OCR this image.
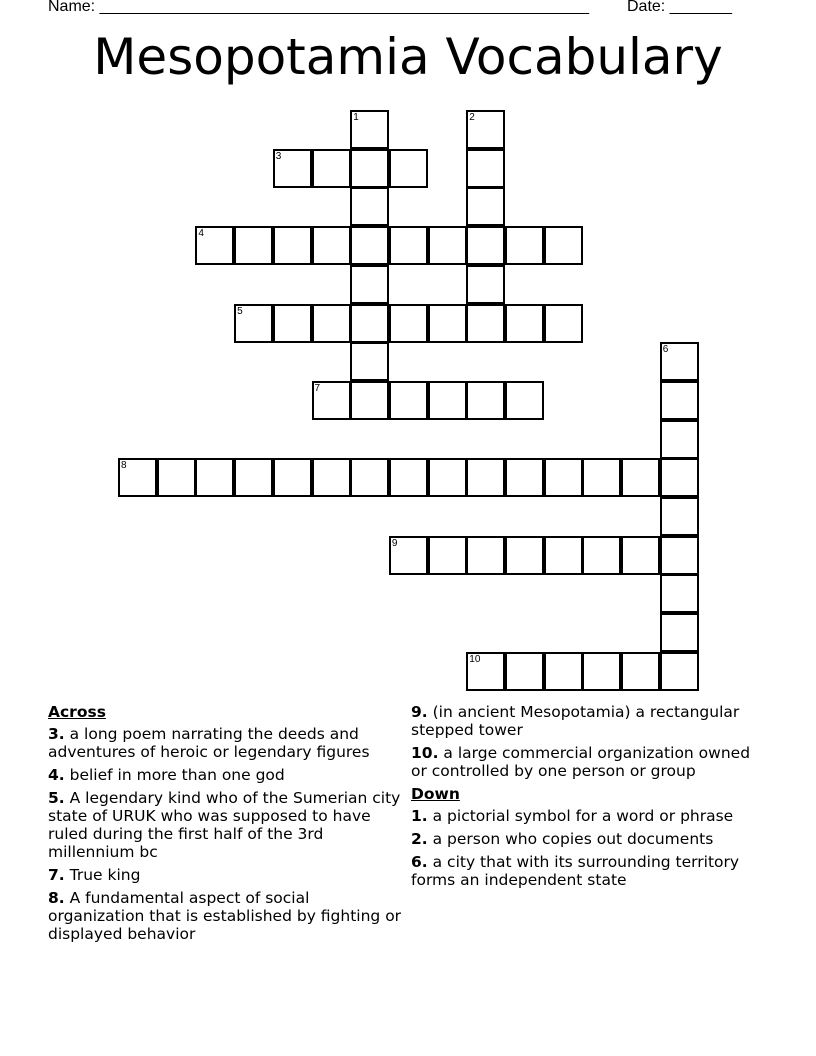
Name: _______________________________________________________ Date: _______
Mesopotamia Vocabulary
1	2
3
4
5
6
7
8
9
10
Across
3. a long poem narrating the deeds and adventures of heroic or legendary figures
4. belief in more than one god
5. A legendary kind who of the Sumerian city state of URUK who was supposed to have ruled during the first half of the 3rd millennium bc
7. True king
8. A fundamental aspect of social organization that is established by fighting or displayed behavior
9. (in ancient Mesopotamia) a rectangular stepped tower
10. a large commercial organization owned or controlled by one person or group
Down
1. a pictorial symbol for a word or phrase
2. a person who copies out documents
6. a city that with its surrounding territory forms an independent state
